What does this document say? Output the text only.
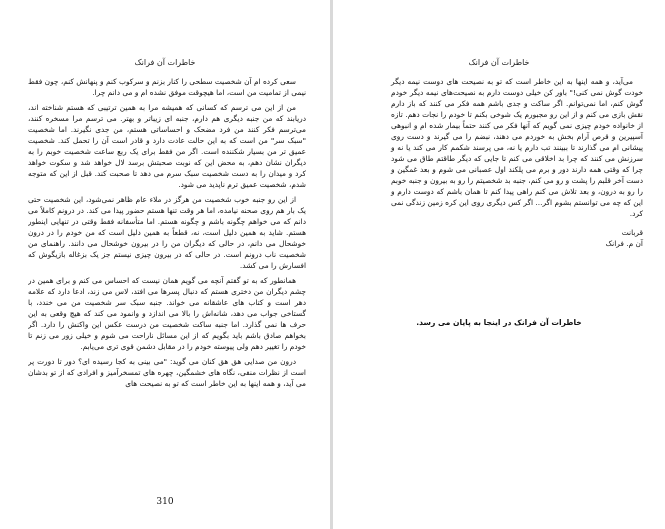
خاطرات آن فرانک

سعی کرده ام آن شخصیت سطحی را کنار بزنم و سرکوب کنم و پنهانش کنم، چون فقط نیمی از تمامیت من است، اما هیچوقت موفق نشده ام و می دانم چرا.

من از این می ترسم که کسانی که همیشه مرا به همین ترتیبی که هستم شناخته اند، دریابند که من جنبه دیگری هم دارم، جنبه ای زیباتر و بهتر. می ترسم مرا مسخره کنند، می‌ترسم فکر کنند من فرد مضحک و احساساتی هستم، من جدی نگیرند. اما شخصیت "سبک سر" من است که به این حالت عادت دارد و قادر است آن را تحمل کند. شخصیت عمیق تر من بسیار شکننده است. اگر من فقط برای یک ربع ساعت شخصیت خوبم را به دیگران نشان دهم، به محض این که نوبت صحبتش برسد لال خواهد شد و سکوت خواهد کرد و میدان را به دست شخصیت سبک سرم می دهد تا صحبت کند. قبل از این که متوجه شدم، شخصیت عمیق ترم ناپدید می شود.

از این رو جنبه خوب شخصیت من هرگز در ملاء عام ظاهر نمی‌شود، این شخصیت حتی یک بار هم روی صحنه نیامده، اما هر وقت تنها هستم حضور پیدا می کند. در درونم کاملاً می دانم که می خواهم چگونه باشم و چگونه هستم. اما متأسفانه فقط وقتی در تنهایی اینطور هستم. شاید به همین دلیل است، نه، قطعاً به همین دلیل است که من خودم را در درون خوشحال می دانم، در حالی که دیگران من را در بیرون خوشحال می دانند. راهنمای من شخصیت ناب درونم است. در حالی که در بیرون چیزی نیستم جز یک بزغاله بازیگوش که افسارش را می کشد.

همانطور که به تو گفتم آنچه می گویم همان نیست که احساس می کنم و برای همین در چشم دیگران من دختری هستم که دنبال پسرها می افتد، لاس می زند، ادعا دارد که علامه دهر است و کتاب های عاشقانه می خواند. جنبه سبک سر شخصیت من می خندد، با گستاخی جواب می دهد، شانه‌اش را بالا می اندازد و وانمود می کند که هیچ وقعی به این حرف ها نمی گذارد. اما جنبه ساکت شخصیت من درست عکس این واکنش را دارد. اگر بخواهم صادق باشم باید بگویم که از این مسائل ناراحت می شوم و خیلی زور می زنم تا خودم را تغییر دهم ولی پیوسته خودم را در مقابل دشمن قوی تری می‌یابم.

درون من صدایی هق هق کنان می گوید: "می بینی به کجا رسیده ای؟ دور تا دورت پر است از نظرات منفی، نگاه های خشمگین، چهره های تمسخرآمیز و افرادی که از تو بدشان می آید، و همه اینها به این خاطر است که تو به نصیحت های

310
خاطرات آن فرانک

می‌آید، و همه اینها به این خاطر است که تو به نصیحت های دوست نیمه دیگر خودت گوش نمی کنی!" باور کن خیلی دوست دارم به نصیحت‌های نیمه دیگر خودم گوش کنم، اما نمی‌توانم. اگر ساکت و جدی باشم همه فکر می کنند که باز دارم نقش بازی می کنم و از این رو مجبورم یک شوخی بکنم تا خودم را نجات دهم. تازه از خانواده خودم چیزی نمی گویم که آنها فکر می کنند حتماً بیمار شده ام و انبوهی آسپیرین و قرص آرام بخش به خوردم می دهند، نبضم را می گیرند و دست روی پیشانی ام می گذارند تا ببینند تب دارم یا نه، می پرسند شکمم کار می کند یا نه و سرزنش می کنند که چرا بد اخلاقی می کنم تا جایی که دیگر طاقتم طاق می شود چرا که وقتی همه دارند دور و برم می پلکند اول عصبانی می شوم و بعد غمگین و دست آخر قلبم را پشت و رو می کنم، جنبه بد شخصیتم را رو به بیرون و جنبه خوبم را رو به درون، و بعد تلاش می کنم راهی پیدا کنم تا همان باشم که دوست دارم و این که چه می توانستم بشوم اگر... اگر کس دیگری روی این کره زمین زندگی نمی کرد.

قربانت
آن م. فرانک
خاطرات آن فرانک در اینجا به پایان می رسد.
